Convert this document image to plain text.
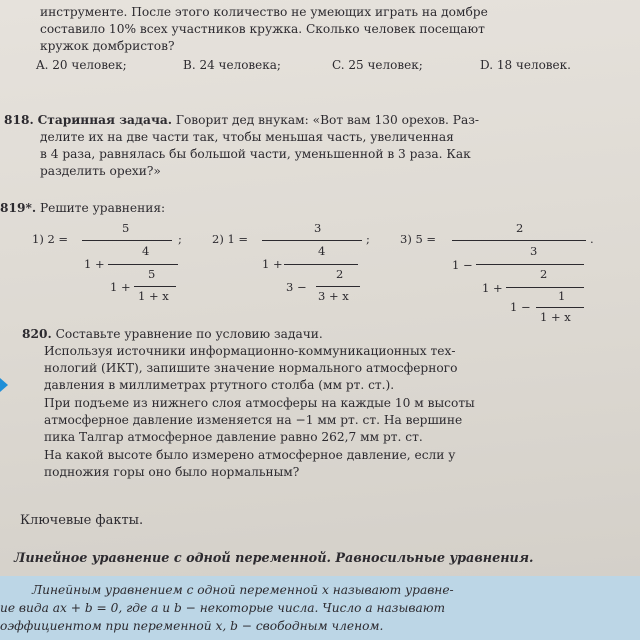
инструменте. После этого количество не умеющих играть на домбре
составило 10% всех участников кружка. Сколько человек посещают
кружок домбристов?
A. 20 человек;	B. 24 человека;	C. 25 человек;	D. 18 человек.
818. Старинная задача. Говорит дед внукам: «Вот вам 130 орехов. Раз-
делите их на две части так, чтобы меньшая часть, увеличенная
в 4 раза, равнялась бы большой части, уменьшенной в 3 раза. Как
разделить орехи?»
819*. Решите уравнения:
1) 2 =
5
;
1 +
4
1 +
5
1 + x
2) 1 =
3
;
1 +
4
3 −
2
3 + x
3) 5 =
2
.
1 −
3
1 +
2
1 −
1
1 + x
820. Составьте уравнение по условию задачи.
Используя источники информационно-коммуникационных тех-
нологий (ИКТ), запишите значение нормального атмосферного
давления в миллиметрах ртутного столба (мм рт. ст.).
При подъеме из нижнего слоя атмосферы на каждые 10 м высоты
атмосферное давление изменяется на −1 мм рт. ст. На вершине
пика Талгар атмосферное давление равно 262,7 мм рт. ст.
На какой высоте было измерено атмосферное давление, если у
подножия горы оно было нормальным?
Ключевые факты.
Линейное уравнение с одной переменной. Равносильные уравнения.
Линейным уравнением с одной переменной x называют уравне-
ие вида ax + b = 0, где a и b − некоторые числа. Число a называют
оэффициентом при переменной x, b − свободным членом.
